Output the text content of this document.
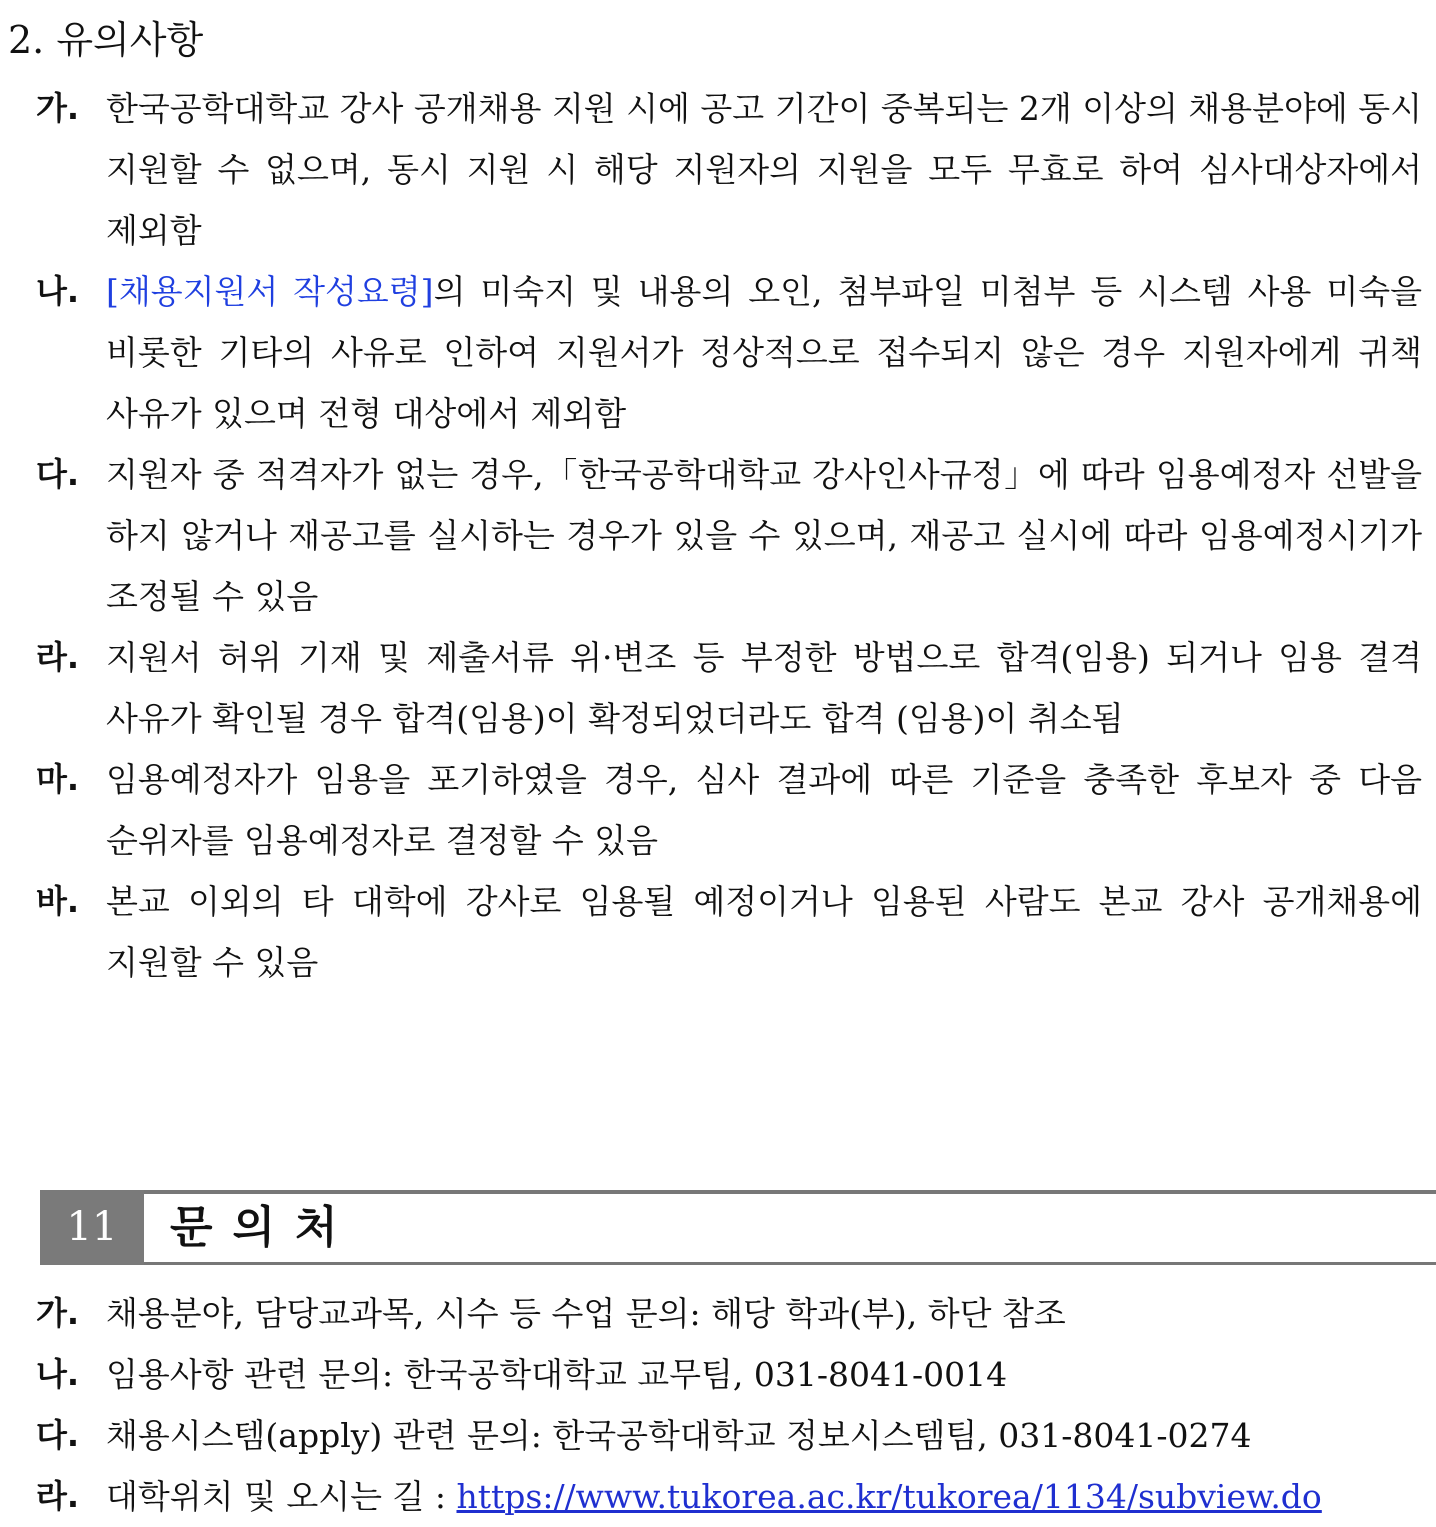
2. 유의사항
가. 한국공학대학교 강사 공개채용 지원 시에 공고 기간이 중복되는 2개 이상의 채용분야에 동시 지원할 수 없으며, 동시 지원 시 해당 지원자의 지원을 모두 무효로 하여 심사대상자에서 제외함
나. [채용지원서 작성요령]의 미숙지 및 내용의 오인, 첨부파일 미첨부 등 시스템 사용 미숙을 비롯한 기타의 사유로 인하여 지원서가 정상적으로 접수되지 않은 경우 지원자에게 귀책 사유가 있으며 전형 대상에서 제외함
다. 지원자 중 적격자가 없는 경우,「한국공학대학교 강사인사규정」에 따라 임용예정자 선발을 하지 않거나 재공고를 실시하는 경우가 있을 수 있으며, 재공고 실시에 따라 임용예정시기가 조정될 수 있음
라. 지원서 허위 기재 및 제출서류 위·변조 등 부정한 방법으로 합격(임용) 되거나 임용 결격 사유가 확인될 경우 합격(임용)이 확정되었더라도 합격 (임용)이 취소됨
마. 임용예정자가 임용을 포기하였을 경우, 심사 결과에 따른 기준을 충족한 후보자 중 다음 순위자를 임용예정자로 결정할 수 있음
바. 본교 이외의 타 대학에 강사로 임용될 예정이거나 임용된 사람도 본교 강사 공개채용에 지원할 수 있음
11	문의처
가. 채용분야, 담당교과목, 시수 등 수업 문의: 해당 학과(부), 하단 참조
나. 임용사항 관련 문의: 한국공학대학교 교무팀, 031-8041-0014
다. 채용시스템(apply) 관련 문의: 한국공학대학교 정보시스템팀, 031-8041-0274
라. 대학위치 및 오시는 길 : https://www.tukorea.ac.kr/tukorea/1134/subview.do
